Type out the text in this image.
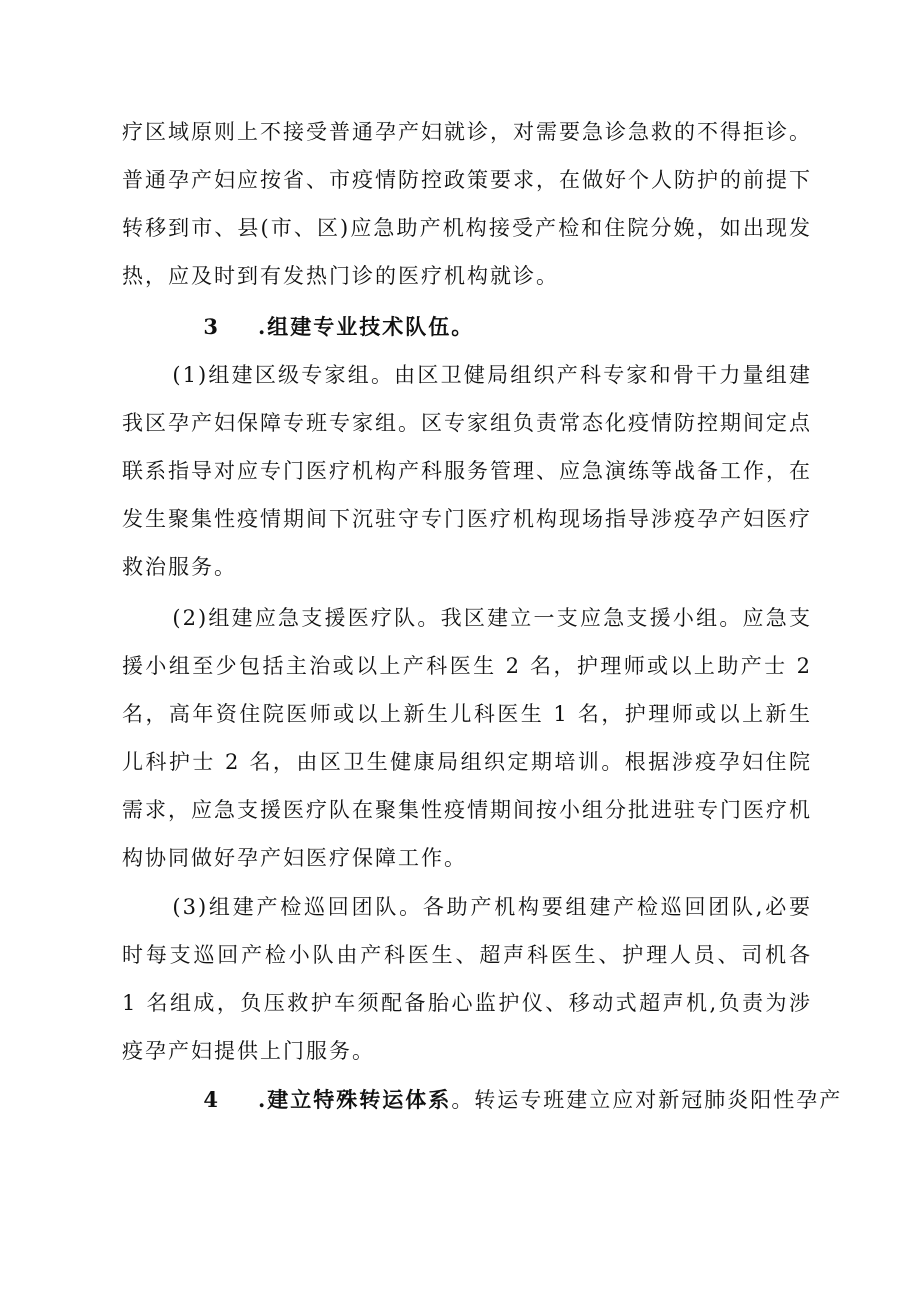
疗区域原则上不接受普通孕产妇就诊，对需要急诊急救的不得拒诊。普通孕产妇应按省、市疫情防控政策要求，在做好个人防护的前提下转移到市、县(市、区)应急助产机构接受产检和住院分娩，如出现发热，应及时到有发热门诊的医疗机构就诊。

3 .组建专业技术队伍。

(1)组建区级专家组。由区卫健局组织产科专家和骨干力量组建我区孕产妇保障专班专家组。区专家组负责常态化疫情防控期间定点联系指导对应专门医疗机构产科服务管理、应急演练等战备工作，在发生聚集性疫情期间下沉驻守专门医疗机构现场指导涉疫孕产妇医疗救治服务。

(2)组建应急支援医疗队。我区建立一支应急支援小组。应急支援小组至少包括主治或以上产科医生 2 名，护理师或以上助产士 2 名，高年资住院医师或以上新生儿科医生 1 名，护理师或以上新生儿科护士 2 名，由区卫生健康局组织定期培训。根据涉疫孕妇住院需求，应急支援医疗队在聚集性疫情期间按小组分批进驻专门医疗机构协同做好孕产妇医疗保障工作。

(3)组建产检巡回团队。各助产机构要组建产检巡回团队,必要时每支巡回产检小队由产科医生、超声科医生、护理人员、司机各 1 名组成，负压救护车须配备胎心监护仪、移动式超声机,负责为涉疫孕产妇提供上门服务。

4 .建立特殊转运体系。转运专班建立应对新冠肺炎阳性孕产
